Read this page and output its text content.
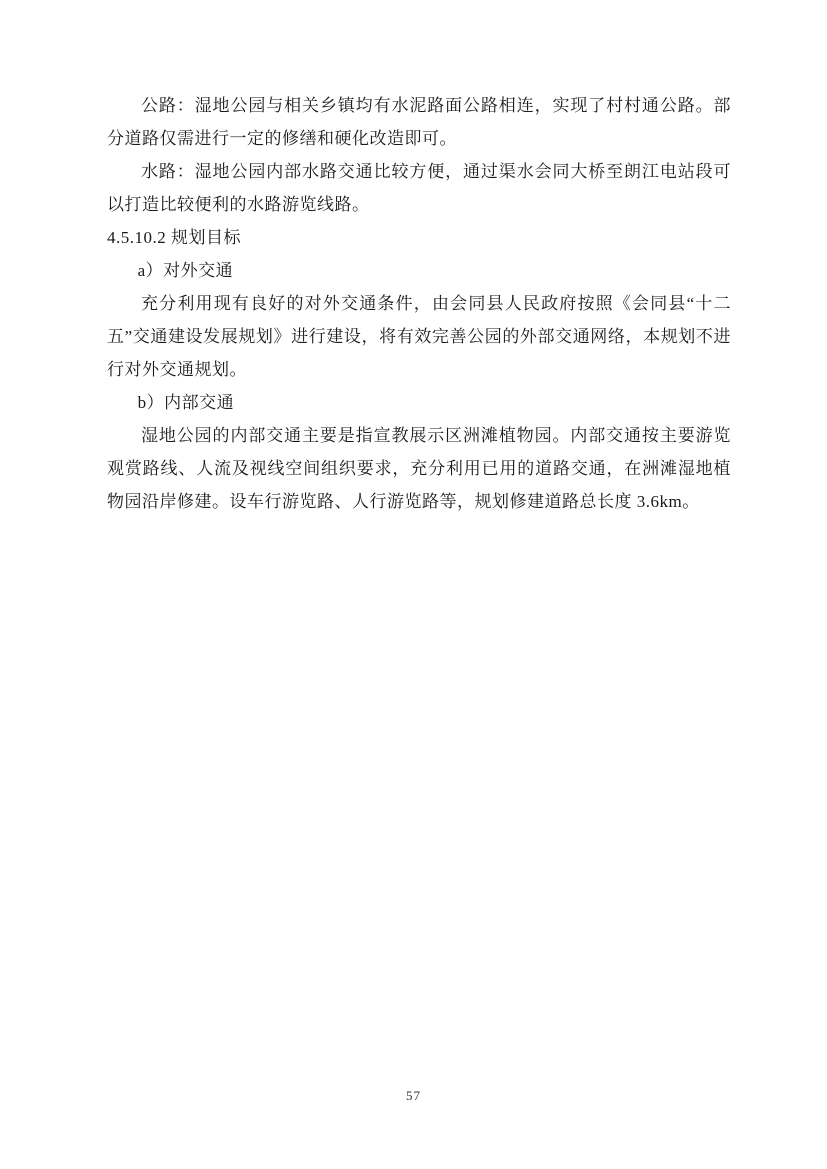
公路：湿地公园与相关乡镇均有水泥路面公路相连，实现了村村通公路。部分道路仅需进行一定的修缮和硬化改造即可。

水路：湿地公园内部水路交通比较方便，通过渠水会同大桥至朗江电站段可以打造比较便利的水路游览线路。

4.5.10.2 规划目标

a）对外交通

充分利用现有良好的对外交通条件，由会同县人民政府按照《会同县“十二五”交通建设发展规划》进行建设，将有效完善公园的外部交通网络，本规划不进行对外交通规划。

b）内部交通

湿地公园的内部交通主要是指宣教展示区洲滩植物园。内部交通按主要游览观赏路线、人流及视线空间组织要求，充分利用已用的道路交通，在洲滩湿地植物园沿岸修建。设车行游览路、人行游览路等，规划修建道路总长度 3.6km。

57
